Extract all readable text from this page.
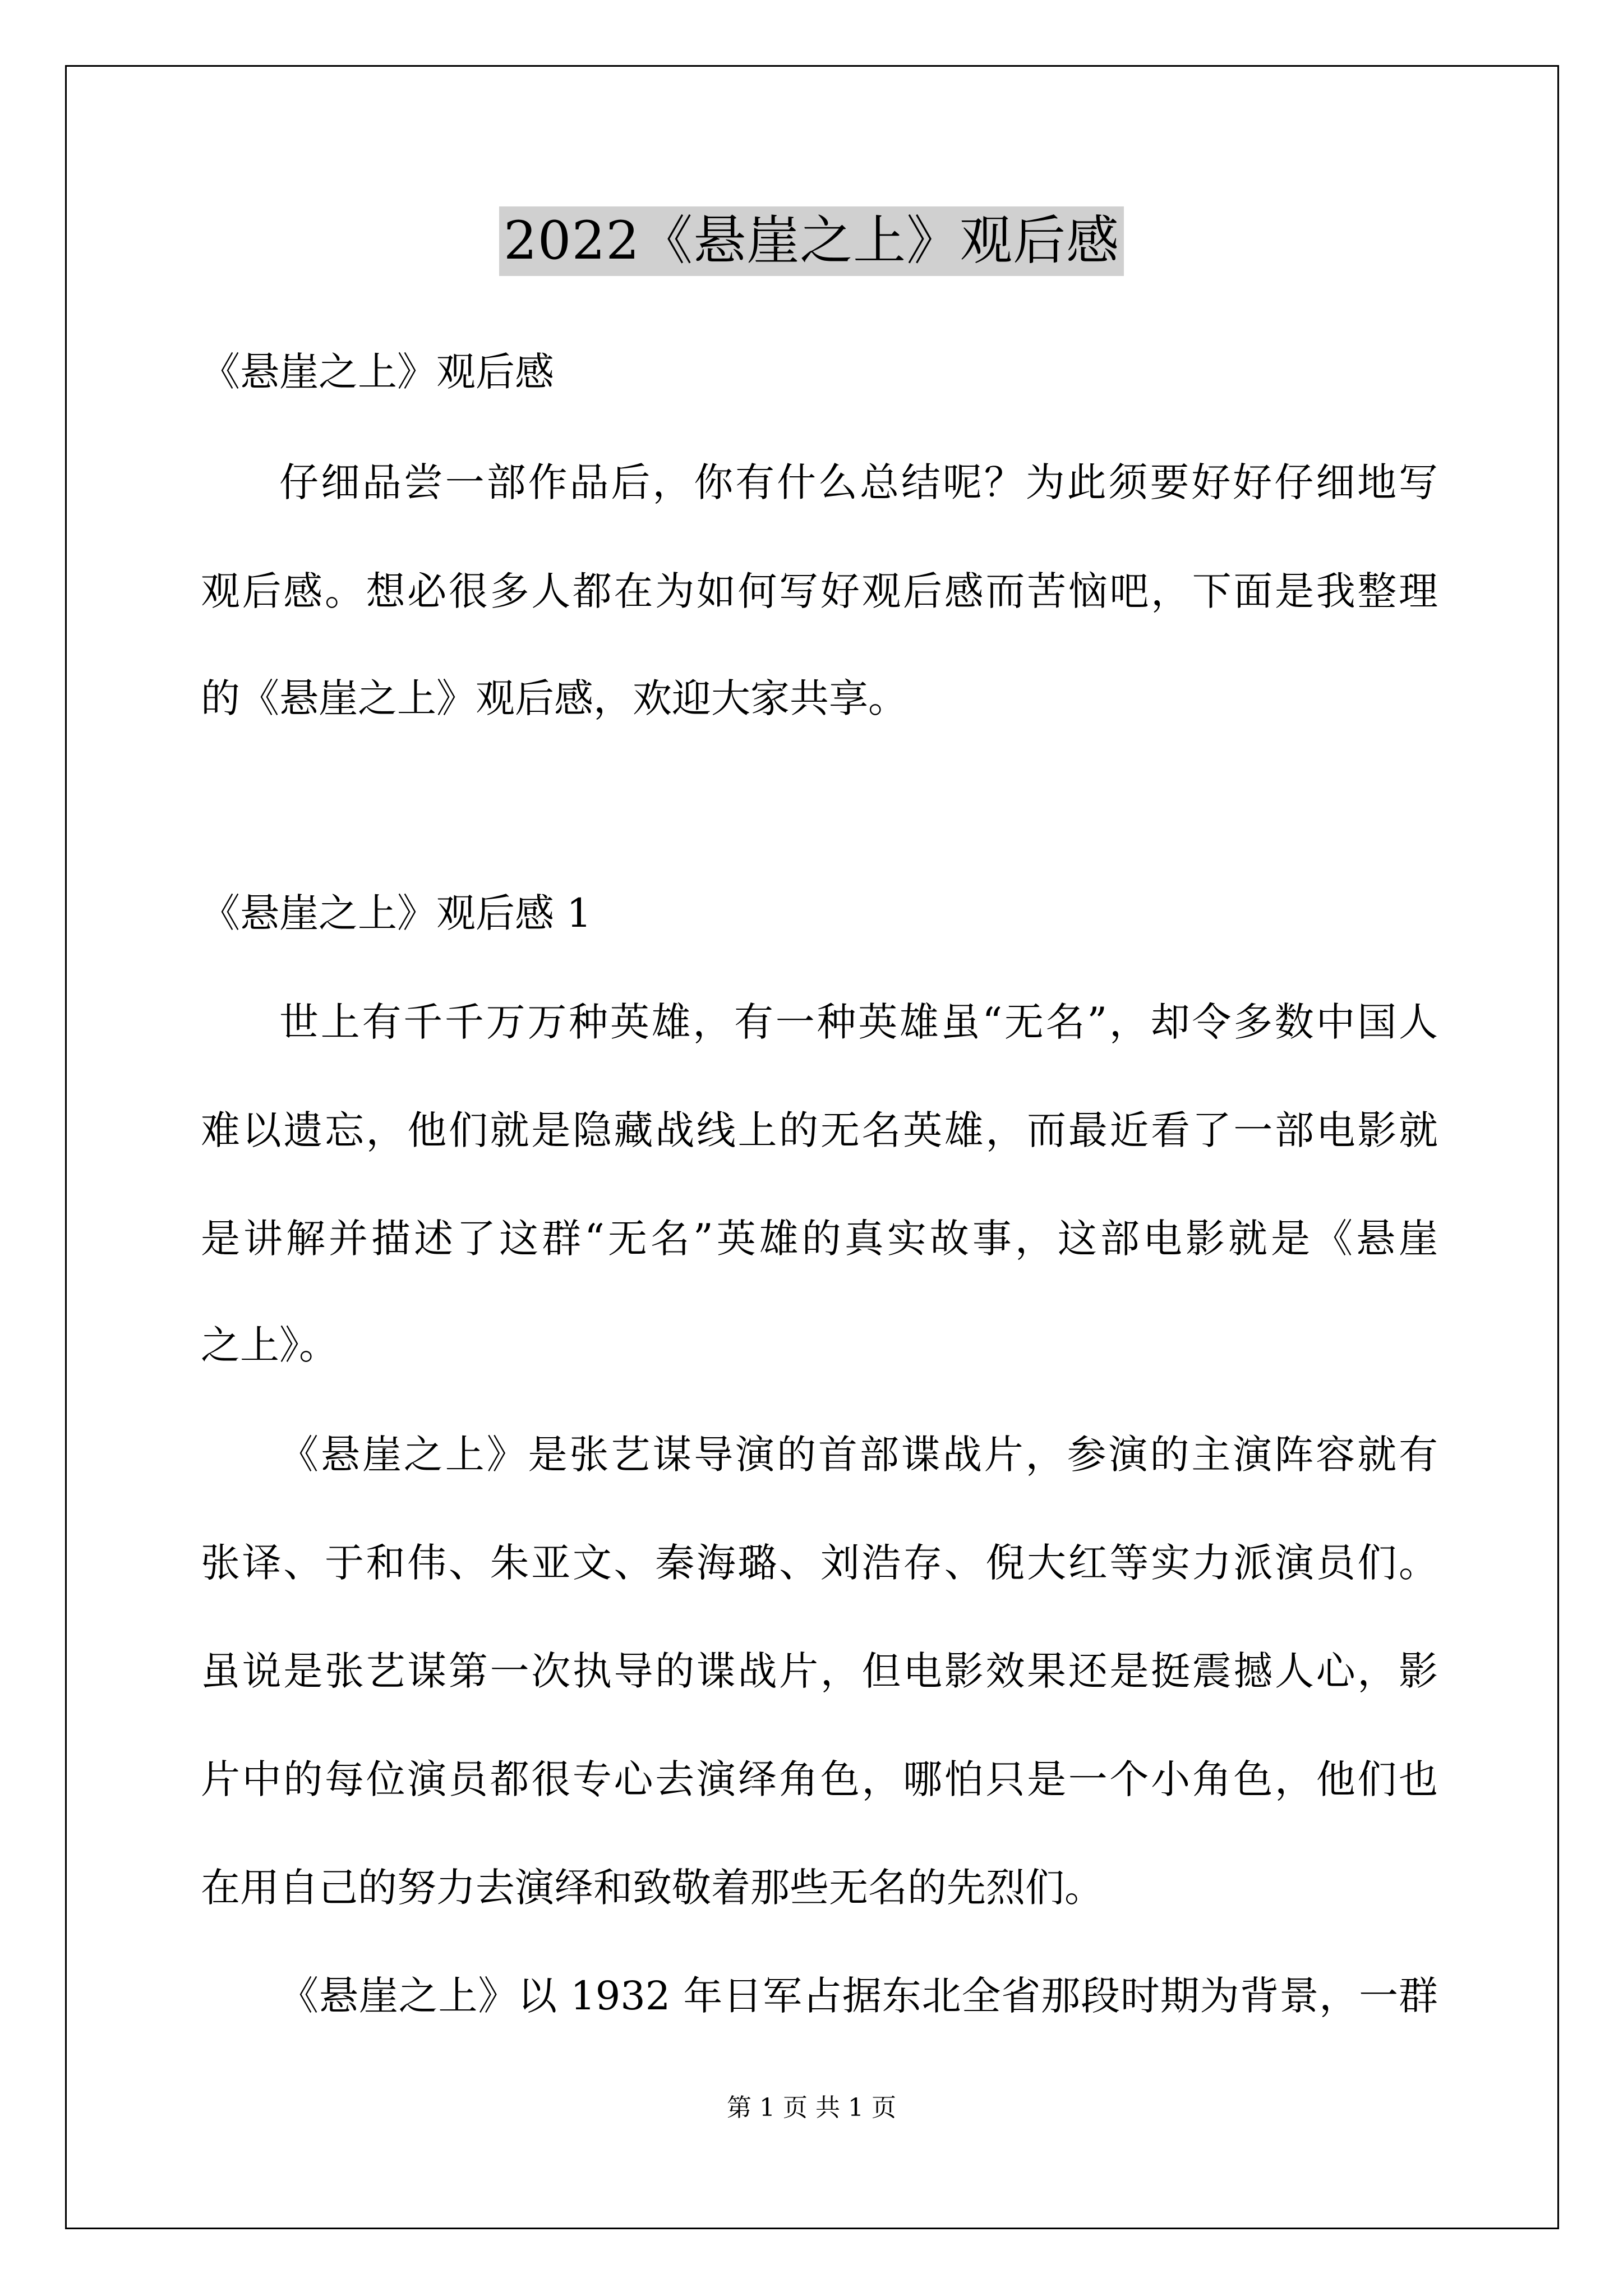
2022《悬崖之上》观后感
《悬崖之上》观后感
仔细品尝一部作品后，你有什么总结呢？为此须要好好仔细地写
观后感。想必很多人都在为如何写好观后感而苦恼吧，下面是我整理
的《悬崖之上》观后感，欢迎大家共享。
《悬崖之上》观后感 1
世上有千千万万种英雄，有一种英雄虽“无名”，却令多数中国人
难以遗忘，他们就是隐藏战线上的无名英雄，而最近看了一部电影就
是讲解并描述了这群“无名”英雄的真实故事，这部电影就是《悬崖
之上》。
《悬崖之上》是张艺谋导演的首部谍战片，参演的主演阵容就有
张译、于和伟、朱亚文、秦海璐、刘浩存、倪大红等实力派演员们。
虽说是张艺谋第一次执导的谍战片，但电影效果还是挺震撼人心，影
片中的每位演员都很专心去演绎角色，哪怕只是一个小角色，他们也
在用自己的努力去演绎和致敬着那些无名的先烈们。
《悬崖之上》以 1932 年日军占据东北全省那段时期为背景，一群
第 1 页 共 1 页
